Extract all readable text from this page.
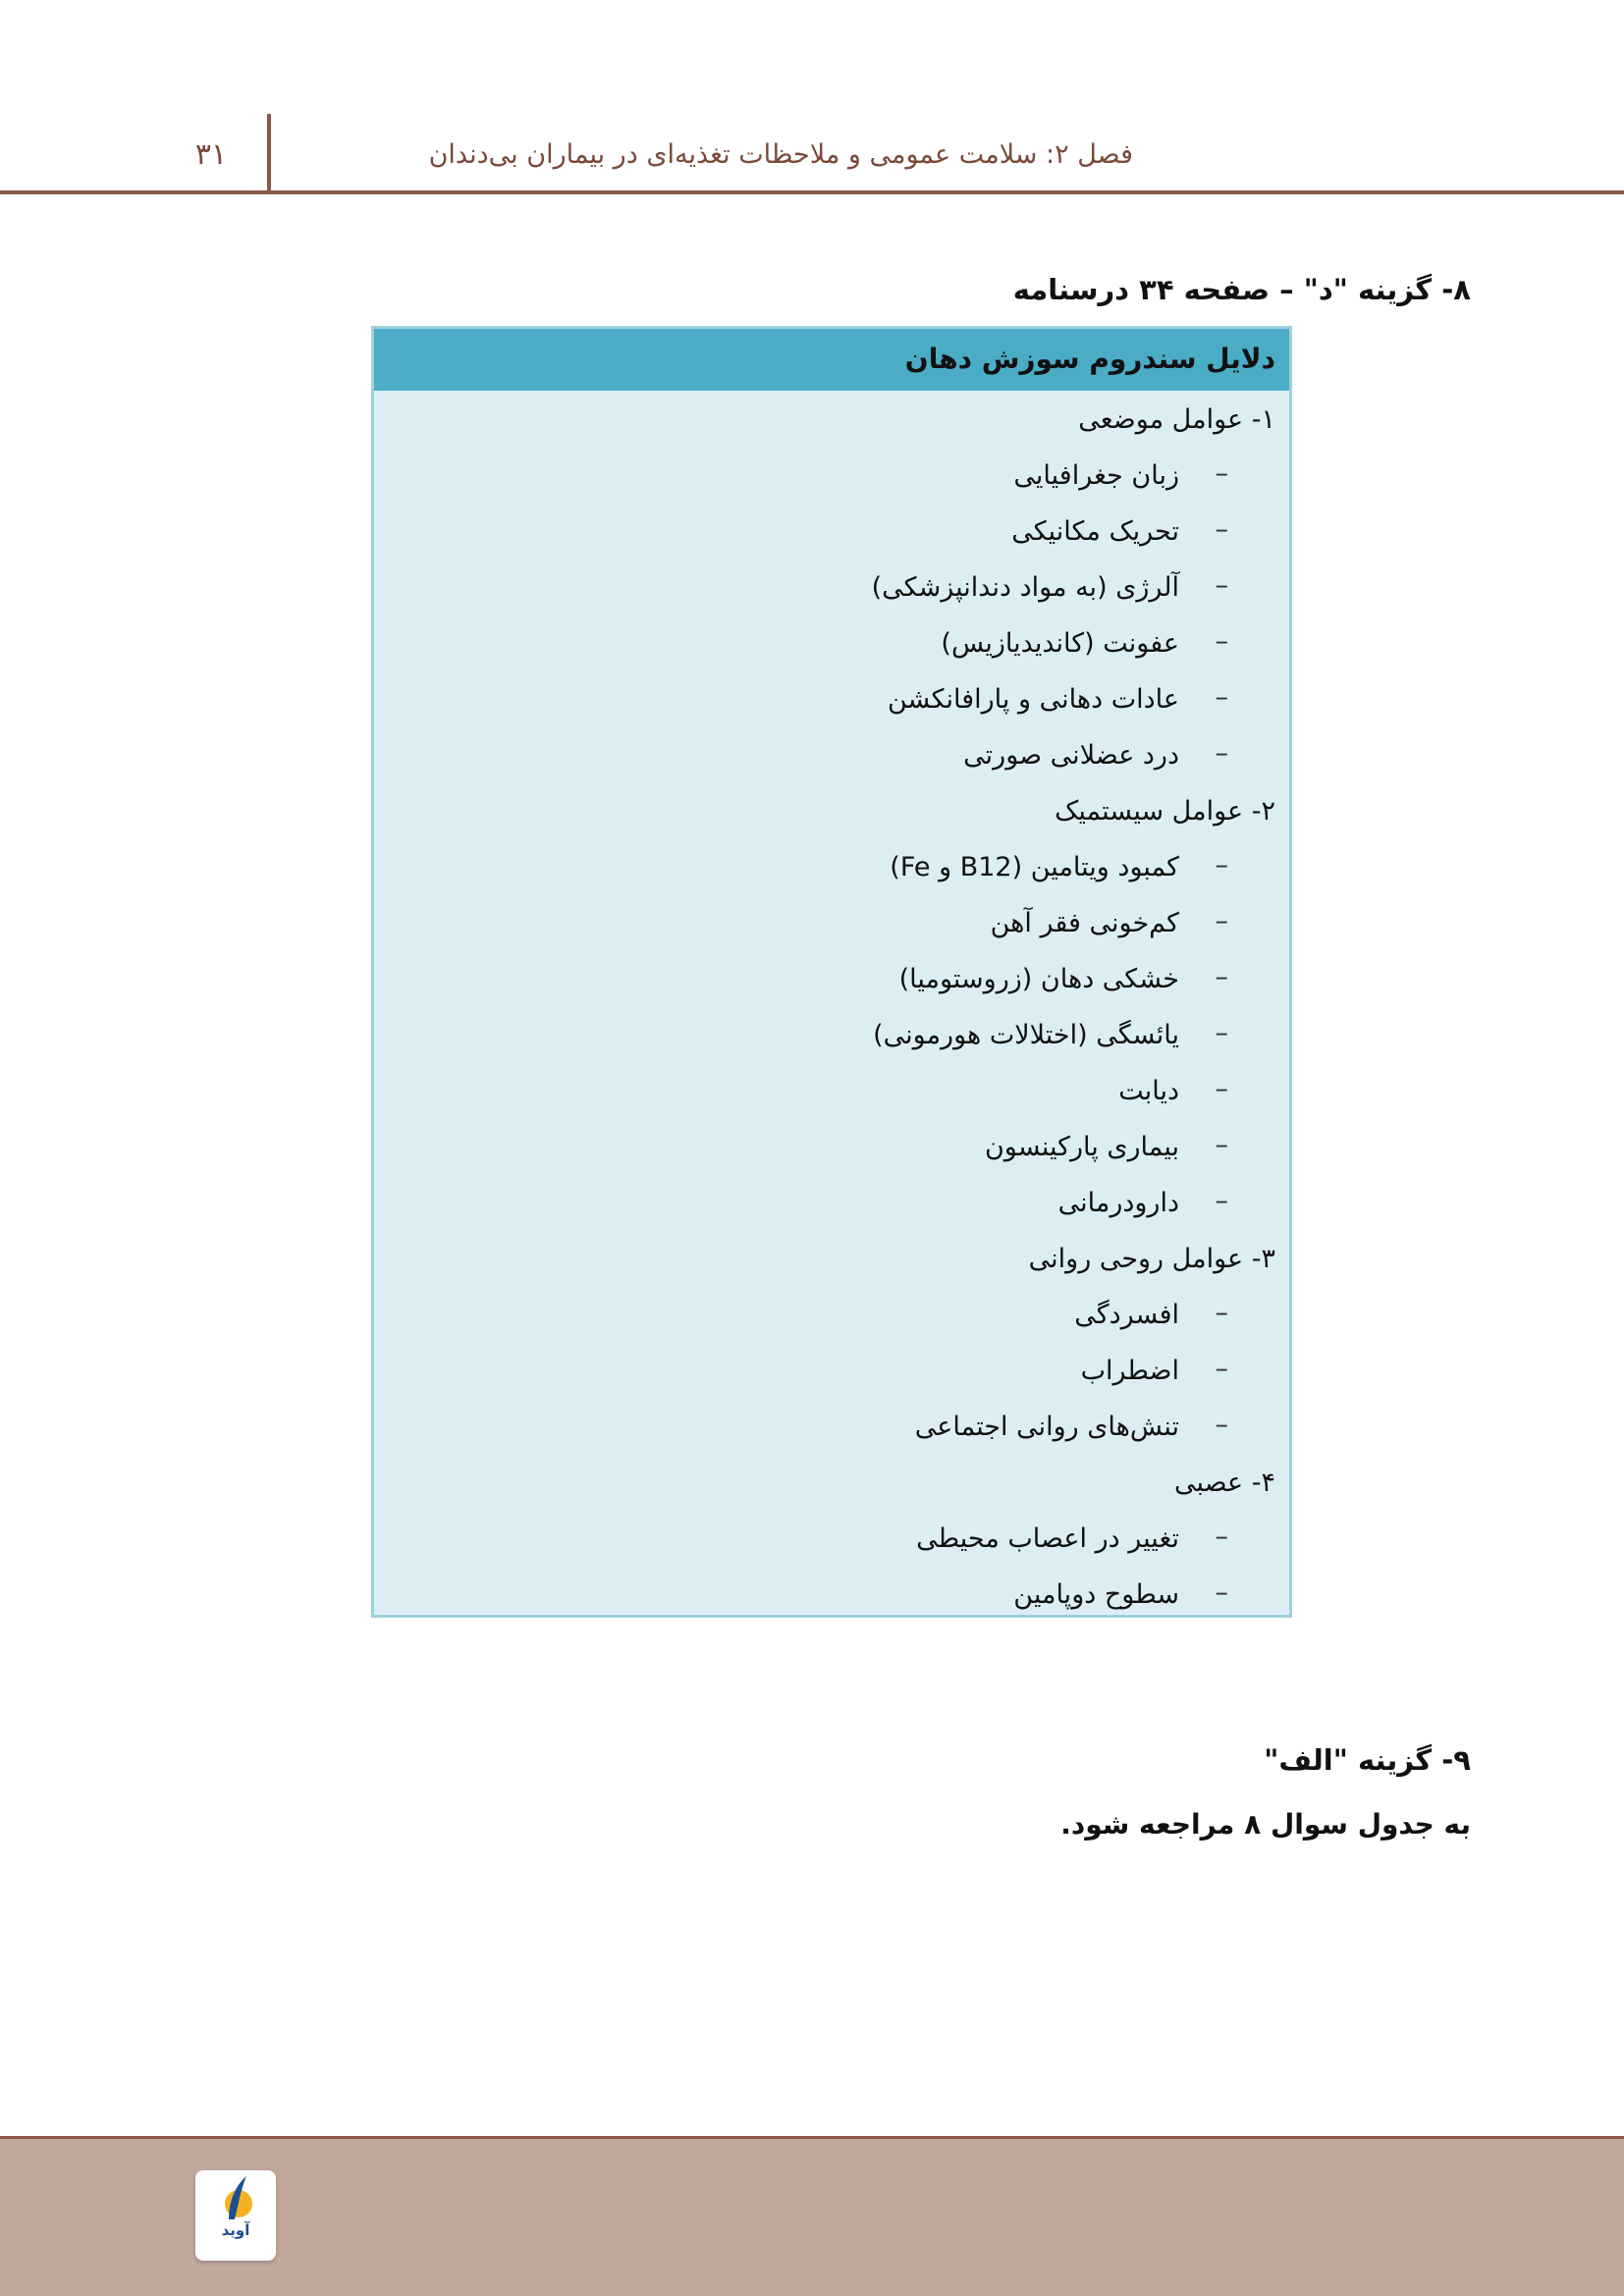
۳۱	فصل ۲: سلامت عمومی و ملاحظات تغذیه‌ای در بیماران بی‌دندان
۸- گزینه "د" – صفحه ۳۴ درسنامه
دلایل سندروم سوزش دهان
۱- عوامل موضعی
–
زبان جغرافیایی
–
تحریک مکانیکی
–
آلرژی (به مواد دندانپزشکی)
–
عفونت (کاندیدیازیس)
–
عادات دهانی و پارافانکشن
–
درد عضلانی صورتی
۲- عوامل سیستمیک
–
کمبود ویتامین (B12 و Fe)
–
کم‌خونی فقر آهن
–
خشکی دهان (زروستومیا)
–
یائسگی (اختلالات هورمونی)
–
دیابت
–
بیماری پارکینسون
–
دارودرمانی
۳- عوامل روحی روانی
–
افسردگی
–
اضطراب
–
تنش‌های روانی اجتماعی
۴- عصبی
–
تغییر در اعصاب محیطی
–
سطوح دوپامین
۹- گزینه "الف"
به جدول سوال ۸ مراجعه شود.
آوید
